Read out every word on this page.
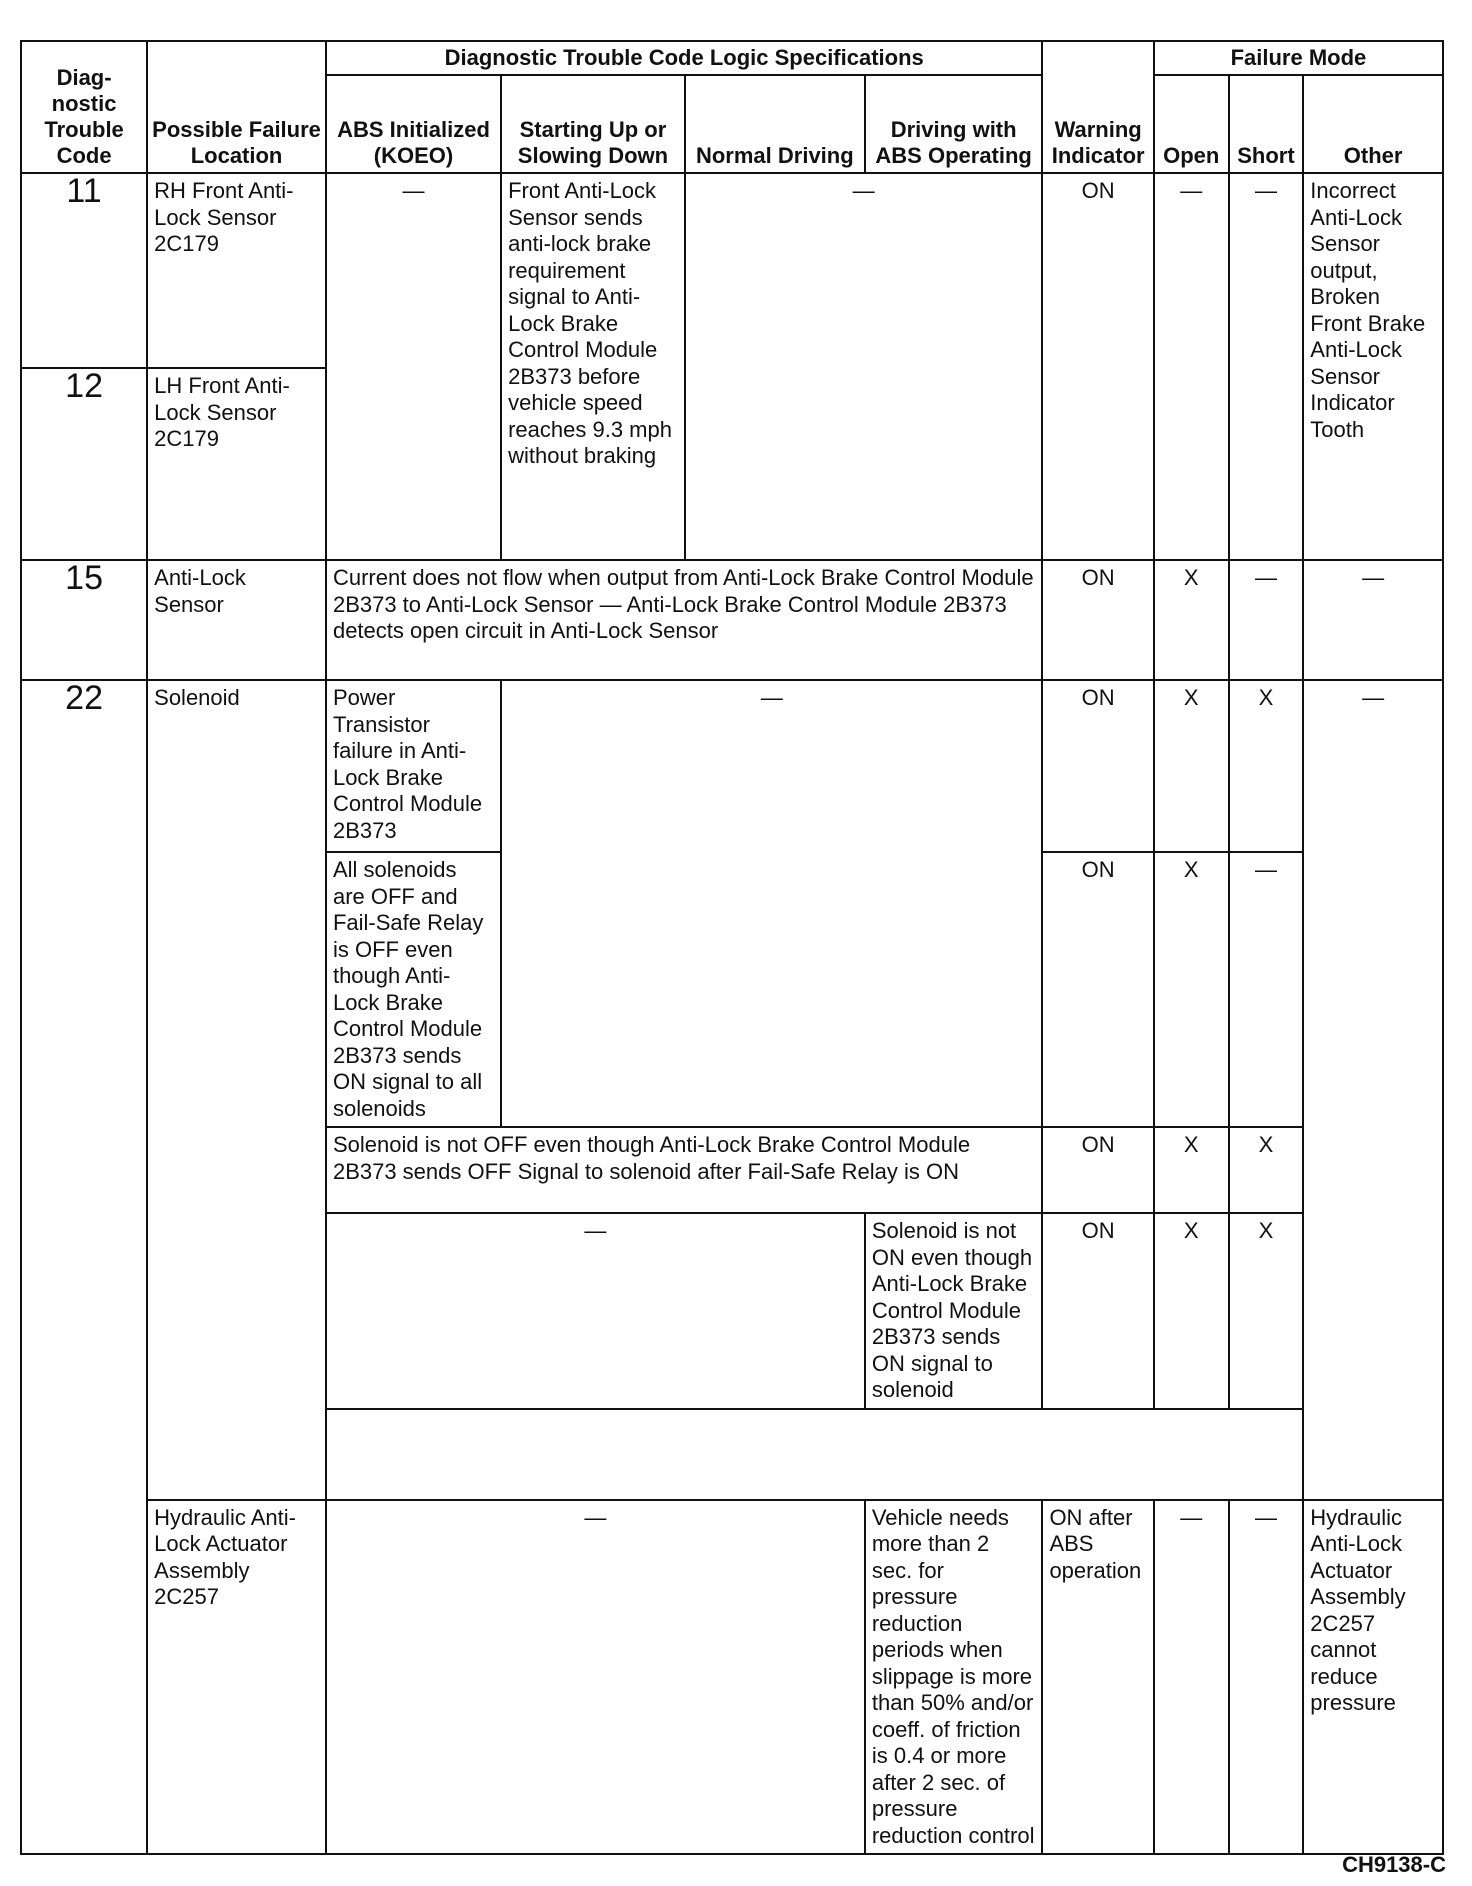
Diag-nostic Trouble Code	Possible Failure Location	Diagnostic Trouble Code Logic Specifications				Warning Indicator	Failure Mode		
		ABS Initialized (KOEO)	Starting Up or Slowing Down	Normal Driving	Driving with ABS Operating		Open	Short	Other
11	RH Front Anti-Lock Sensor 2C179	—	Front Anti-Lock Sensor sends anti-lock brake requirement signal to Anti-Lock Brake Control Module 2B373 before vehicle speed reaches 9.3 mph without braking	—		ON	—	—	Incorrect Anti-Lock Sensor output, Broken Front Brake Anti-Lock Sensor Indicator Tooth
12	LH Front Anti-Lock Sensor 2C179								
15	Anti-Lock Sensor	Current does not flow when output from Anti-Lock Brake Control Module 2B373 to Anti-Lock Sensor — Anti-Lock Brake Control Module 2B373 detects open circuit in Anti-Lock Sensor				ON	X	—	—
22	Solenoid	Power Transistor failure in Anti-Lock Brake Control Module 2B373	—			ON	X	X	—
		All solenoids are OFF and Fail-Safe Relay is OFF even though Anti-Lock Brake Control Module 2B373 sends ON signal to all solenoids				ON	X	—	
		Solenoid is not OFF even though Anti-Lock Brake Control Module 2B373 sends OFF Signal to solenoid after Fail-Safe Relay is ON				ON	X	X	
		—			Solenoid is not ON even though Anti-Lock Brake Control Module 2B373 sends ON signal to solenoid	ON	X	X	

	Hydraulic Anti-Lock Actuator Assembly 2C257	—			Vehicle needs more than 2 sec. for pressure reduction periods when slippage is more than 50% and/or coeff. of friction is 0.4 or more after 2 sec. of pressure reduction control	ON after ABS operation	—	—	Hydraulic Anti-Lock Actuator Assembly 2C257 cannot reduce pressure
CH9138-C
